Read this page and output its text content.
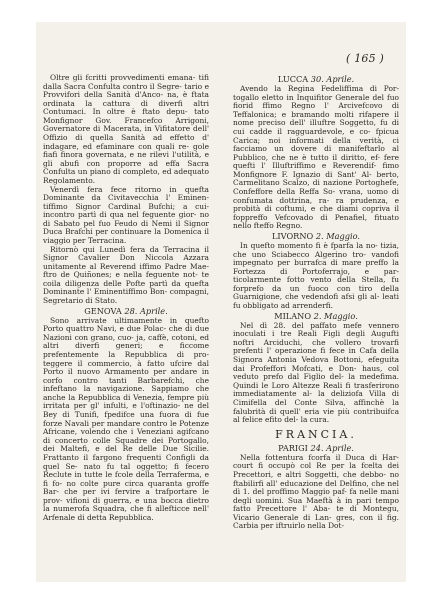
( 165 )

Oltre gli fcritti provvedimenti emana- tifi dalla Sacra Confulta contro il Segre- tario e Provvifori della Sanità d'Anco- na, è ftata ordinata la cattura di diverfi altri Contumaci. In oltre è ftato depu- tato Monfignor Gov. Francefco Arrigoni, Governatore di Macerata, in Vifitatore dell' Offizio di quella Sanità ad effetto d' indagare, ed efaminare con quali re- gole fiafi finora governata, e ne rilevi l'utilità, e gli abufi con proporre ad effa Sacra Confulta un piano di completo, ed adequato Regolamento.

Venerdì fera fece ritorno in quefta Dominante da Civitavecchia l' Eminen- tiffimo Signor Cardinal Bufchi; a cui- incontro partì di qua nel feguente gior- no di Sabato pel fuo Feudo di Nemi il Signor Duca Brafchi per continuare la Domenica il viaggio per Terracina.

Ritornò qui Lunedì fera da Terracina il Signor Cavalier Don Niccola Azzara unitamente al Reverend iffimo Padre Mae- ftro de Quiñones; e nella feguente not- te coila diligenza delle Pofte partì da quefta Dominante l' Eminentiffimo Bon- compagni, Segretario di Stato.

GENOVA 28. Aprile.

Sono arrivate ultimamente in quefto Porto quattro Navi, e due Polac- che di due Nazioni con grano, cuo- ja, caffè, cotoni, ed altri diverfi generi; e ficcome prefentemente la Repubblica di pro- teggere il commercio, à fatto ufcire dal Porto il nuovo Armamento per andare in corfo contro tanti Barbarefchi, che infeftano la navigazione. Sappiamo che anche la Repubblica di Venezia, fempre più irritata per gl' infulti, e l'oftinazio- ne del Bey di Tunifi, fpedifce una fuora di fue forze Navali per mandare contro le Potenze Africane, volendo che i Veneziani agifcano di concerto colle Squadre dei Portogallo, dei Maltefi, e del Re delle Due Sicilie. Frattanto il fargono frequenti Configli da quel Se- nato fu tal oggetto; fi fecero Reclute in tutte le fcole della Terraferma, e fi fo- no colte pure circa quaranta groffe Bar- che per ivi fervire a trafportare le prov- vifioni di guerra, e una bocca dietro la numerofa Squadra, che fi allefticce nell' Arfenale di detta Repubblica.

LUCCA 30. Aprile.

Avendo la Regina Fedeliffima di Por- togallo eletto in Inquifitor Generale del fuo fiorid ffimo Regno l' Arcivefcovo di Teffalonica; e bramando molti rifapere il nome preciso dell' illuftre Soggetto, fu di cui cadde il ragguardevole, e co- fpicua Carica; noi informati della verità, ci facciamo un dovere di manifeftarlo al Pubblico, che ne è tutto il diritto, ef- fere quefti l' Illuftriffimo e Reverendif- fimo Monfignore F. Ignazio di Sant' Al- berto, Carmelitano Scalzo, di nazione Portoghefe, Confeffore della Reffa So- vrana, uomo di confumata dottrina, ra- ra prudenza, e probità di coftumi, e che diami copriva il foppreffo Vefcovado di Penafiel, fituato nello fteffo Regno.

LIVORNO 2. Maggio.

In quefto momento fi è fparfa la no- tizia, che uno Sciabecco Algerino tro- vandofi impegnato per burrafca di mare preffo la Fortezza di Portoferrajo, e par- ticolarmente fotto vento della Stella, fu forprefo da un fuoco con tiro della Guarnigione, che vedendofi afsi gli al- leati fu obbligato ad arrenderfi.

MILANO 2. Maggio.

Nel dì 28. del paffato mefe vennero inoculati i tre Reali Figli degli Augufti noftri Arciduchi, che vollero trovarfi prefenti l' operazione fi fece in Cafa della Signora Antonia Vedova Bottoni, efeguita dai Profeffori Mofcati, e Don- haus, col veduto prefo dal Figlio del- la medefima. Quindi le Loro Altezze Reali fi trasferirono immediatamente al- la deliziofa Villa di Cimifella del Conte Silva, affinchè la falubrità di quell' eria vie più contribuifca al felice efito del- la cura.

FRANCIA.
PARIGI 24. Aprile.

Nella fottentura fcorfa il Duca di Har- court fi occupò col Re per la fcelta dei Precettori, e altri Soggetti, che debbo- no ftabilirfi all' educazione del Delfino, che nel dì 1. del proffimo Maggio paf- fa nelle mani degli uomini. Sua Maeftà à in pari tempo fatto Precettore l' Aba- te di Montegu, Vicario Generale di Lan- gres, con il fig. Carbia per iftruirlo nella Dot-
